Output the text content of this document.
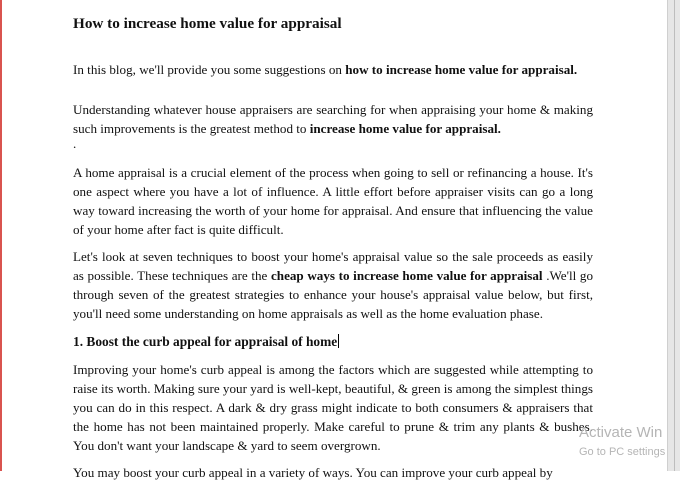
How to increase home value for appraisal

In this blog, we'll provide you some suggestions on how to increase home value for appraisal.

Understanding whatever house appraisers are searching for when appraising your home & making such improvements is the greatest method to increase home value for appraisal.

.

A home appraisal is a crucial element of the process when going to sell or refinancing a house. It's one aspect where you have a lot of influence. A little effort before appraiser visits can go a long way toward increasing the worth of your home for appraisal. And ensure that influencing the value of your home after fact is quite difficult.

Let's look at seven techniques to boost your home's appraisal value so the sale proceeds as easily as possible. These techniques are the cheap ways to increase home value for appraisal .We'll go through seven of the greatest strategies to enhance your house's appraisal value below, but first, you'll need some understanding on home appraisals as well as the home evaluation phase.

1. Boost the curb appeal for appraisal of home

Improving your home's curb appeal is among the factors which are suggested while attempting to raise its worth. Making sure your yard is well-kept, beautiful, & green is among the simplest things you can do in this respect. A dark & dry grass might indicate to both consumers & appraisers that the home has not been maintained properly. Make careful to prune & trim any plants & bushes. You don't want your landscape & yard to seem overgrown.

You may boost your curb appeal in a variety of ways. You can improve your curb appeal by

Activate Win
Go to PC settings
